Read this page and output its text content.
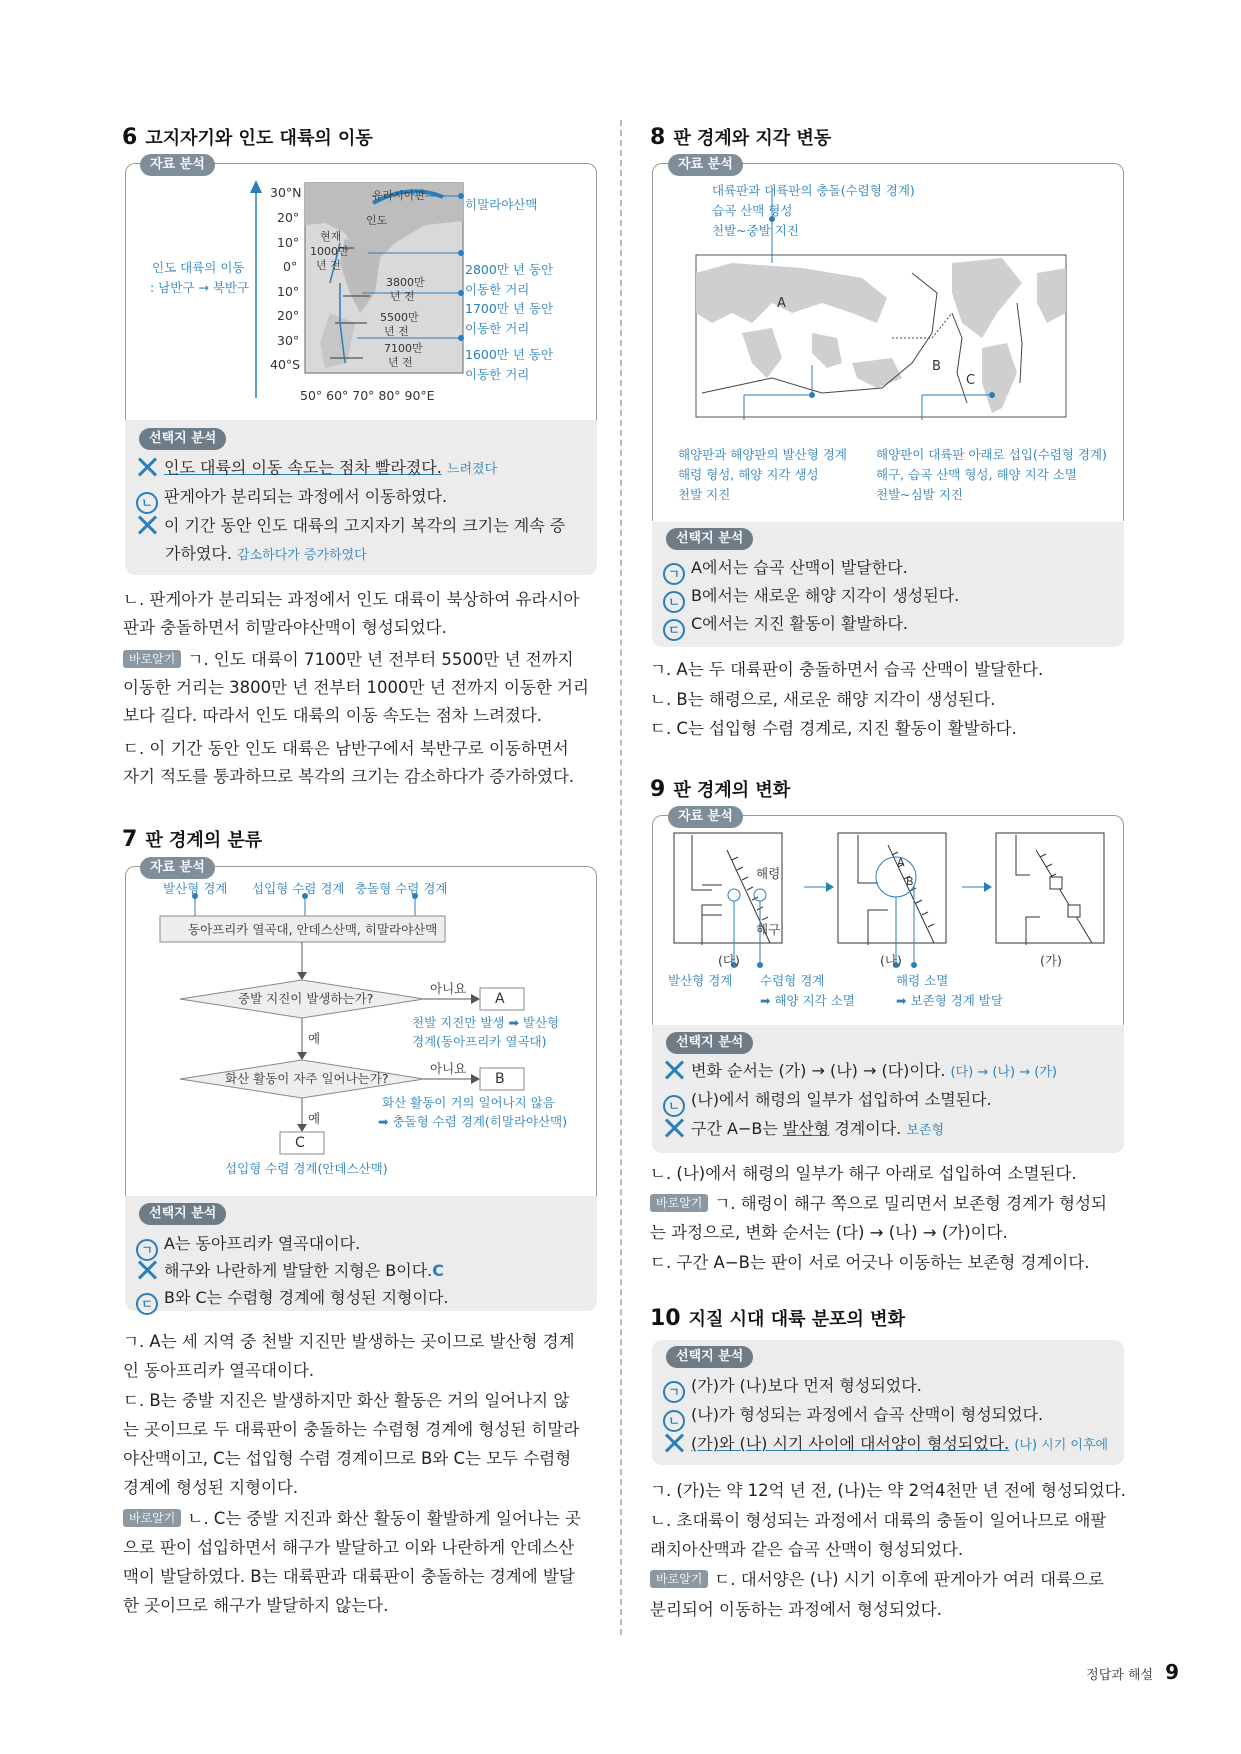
6 고지자기와 인도 대륙의 이동
자료 분석
30°N
20°
10°
0°
10°
20°
30°
40°S
50° 60° 70° 80° 90°E
유라시아판
인도
현재
1000만
년 전
3800만
년 전
5500만
년 전
7100만
년 전
인도 대륙의 이동
: 남반구 → 북반구
히말라야산맥
2800만 년 동안
이동한 거리
1700만 년 동안
이동한 거리
1600만 년 동안
이동한 거리
선택지 분석
인도 대륙의 이동 속도는 점차 빨라졌다. 느려졌다
ㄴ 판게아가 분리되는 과정에서 이동하였다.
이 기간 동안 인도 대륙의 고지자기 복각의 크기는 계속 증
가하였다. 감소하다가 증가하였다
ㄴ. 판게아가 분리되는 과정에서 인도 대륙이 북상하여 유라시아
판과 충돌하면서 히말라야산맥이 형성되었다.
바로알기 ㄱ. 인도 대륙이 7100만 년 전부터 5500만 년 전까지
이동한 거리는 3800만 년 전부터 1000만 년 전까지 이동한 거리
보다 길다. 따라서 인도 대륙의 이동 속도는 점차 느려졌다.
ㄷ. 이 기간 동안 인도 대륙은 남반구에서 북반구로 이동하면서
자기 적도를 통과하므로 복각의 크기는 감소하다가 증가하였다.
7 판 경계의 분류
자료 분석
발산형 경계 섭입형 수렴 경계 충돌형 수렴 경계
동아프리카 열곡대, 안데스산맥, 히말라야산맥
중발 지진이 발생하는가?
화산 활동이 자주 일어나는가?
아니요
아니요
예
예
A
B
C
천발 지진만 발생 ➡ 발산형
경계(동아프리카 열곡대)
화산 활동이 거의 일어나지 않음
➡ 충돌형 수렴 경계(히말라야산맥)
섭입형 수렴 경계(안데스산맥)
선택지 분석
ㄱ A는 동아프리카 열곡대이다.
해구와 나란하게 발달한 지형은 B이다.C
ㄷ B와 C는 수렴형 경계에 형성된 지형이다.
ㄱ. A는 세 지역 중 천발 지진만 발생하는 곳이므로 발산형 경계
인 동아프리카 열곡대이다.
ㄷ. B는 중발 지진은 발생하지만 화산 활동은 거의 일어나지 않
는 곳이므로 두 대륙판이 충돌하는 수렴형 경계에 형성된 히말라
야산맥이고, C는 섭입형 수렴 경계이므로 B와 C는 모두 수렴형
경계에 형성된 지형이다.
바로알기 ㄴ. C는 중발 지진과 화산 활동이 활발하게 일어나는 곳
으로 판이 섭입하면서 해구가 발달하고 이와 나란하게 안데스산
맥이 발달하였다. B는 대륙판과 대륙판이 충돌하는 경계에 발달
한 곳이므로 해구가 발달하지 않는다.
8 판 경계와 지각 변동
자료 분석
대륙판과 대륙판의 충돌(수렴형 경계)
습곡 산맥 형성
천발~중발 지진
A
B
C
해양판과 해양판의 발산형 경계
해령 형성, 해양 지각 생성
천발 지진
해양판이 대륙판 아래로 섭입(수렴형 경계)
해구, 습곡 산맥 형성, 해양 지각 소멸
천발~심발 지진
선택지 분석
ㄱ A에서는 습곡 산맥이 발달한다.
ㄴ B에서는 새로운 해양 지각이 생성된다.
ㄷ C에서는 지진 활동이 활발하다.
ㄱ. A는 두 대륙판이 충돌하면서 습곡 산맥이 발달한다.
ㄴ. B는 해령으로, 새로운 해양 지각이 생성된다.
ㄷ. C는 섭입형 수렴 경계로, 지진 활동이 활발하다.
9 판 경계의 변화
자료 분석
해령
해구
(다)	(나)	(가)
A
B
발산형 경계 수렴형 경계
➡ 해양 지각 소멸
해령 소멸
➡ 보존형 경계 발달
선택지 분석
변화 순서는 (가) → (나) → (다)이다. (다) → (나) → (가)
ㄴ (나)에서 해령의 일부가 섭입하여 소멸된다.
구간 A−B는 발산형 경계이다. 보존형
ㄴ. (나)에서 해령의 일부가 해구 아래로 섭입하여 소멸된다.
바로알기 ㄱ. 해령이 해구 쪽으로 밀리면서 보존형 경계가 형성되
는 과정으로, 변화 순서는 (다) → (나) → (가)이다.
ㄷ. 구간 A−B는 판이 서로 어긋나 이동하는 보존형 경계이다.
10 지질 시대 대륙 분포의 변화
선택지 분석
ㄱ (가)가 (나)보다 먼저 형성되었다.
ㄴ (나)가 형성되는 과정에서 습곡 산맥이 형성되었다.
(가)와 (나) 시기 사이에 대서양이 형성되었다. (나) 시기 이후에
ㄱ. (가)는 약 12억 년 전, (나)는 약 2억4천만 년 전에 형성되었다.
ㄴ. 초대륙이 형성되는 과정에서 대륙의 충돌이 일어나므로 애팔
래치아산맥과 같은 습곡 산맥이 형성되었다.
바로알기 ㄷ. 대서양은 (나) 시기 이후에 판게아가 여러 대륙으로
분리되어 이동하는 과정에서 형성되었다.
정답과 해설 9
